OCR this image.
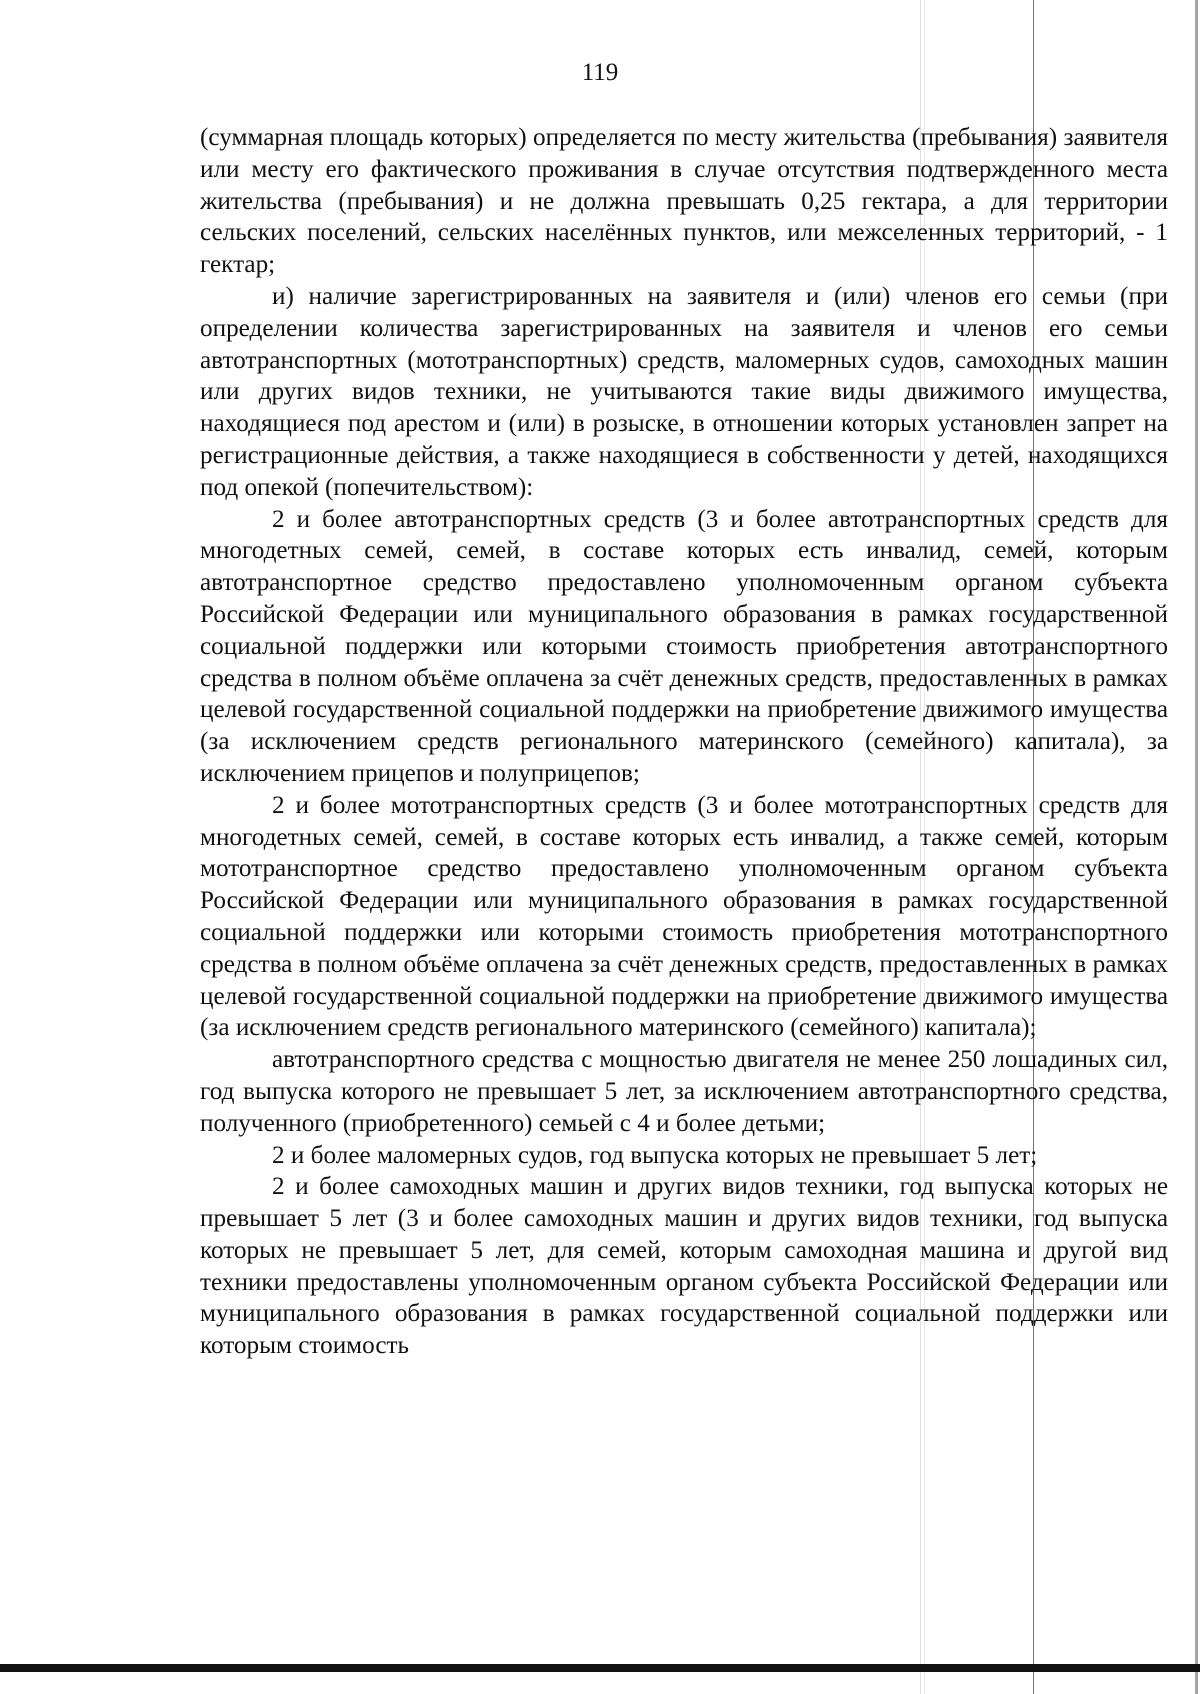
119

(суммарная площадь которых) определяется по месту жительства (пребывания) заявителя или месту его фактического проживания в случае отсутствия подтвержденного места жительства (пребывания) и не должна превышать 0,25 гектара, а для территории сельских поселений, сельских населённых пунктов, или межселенных территорий, - 1 гектар;

и) наличие зарегистрированных на заявителя и (или) членов его семьи (при определении количества зарегистрированных на заявителя и членов его семьи автотранспортных (мототранспортных) средств, маломерных судов, самоходных машин или других видов техники, не учитываются такие виды движимого имущества, находящиеся под арестом и (или) в розыске, в отношении которых установлен запрет на регистрационные действия, а также находящиеся в собственности у детей, находящихся под опекой (попечительством):

2 и более автотранспортных средств (3 и более автотранспортных средств для многодетных семей, семей, в составе которых есть инвалид, семей, которым автотранспортное средство предоставлено уполномоченным органом субъекта Российской Федерации или муниципального образования в рамках государственной социальной поддержки или которыми стоимость приобретения автотранспортного средства в полном объёме оплачена за счёт денежных средств, предоставленных в рамках целевой государственной социальной поддержки на приобретение движимого имущества (за исключением средств регионального материнского (семейного) капитала), за исключением прицепов и полуприцепов;

2 и более мототранспортных средств (3 и более мототранспортных средств для многодетных семей, семей, в составе которых есть инвалид, а также семей, которым мототранспортное средство предоставлено уполномоченным органом субъекта Российской Федерации или муниципального образования в рамках государственной социальной поддержки или которыми стоимость приобретения мототранспортного средства в полном объёме оплачена за счёт денежных средств, предоставленных в рамках целевой государственной социальной поддержки на приобретение движимого имущества (за исключением средств регионального материнского (семейного) капитала);

автотранспортного средства с мощностью двигателя не менее 250 лошадиных сил, год выпуска которого не превышает 5 лет, за исключением автотранспортного средства, полученного (приобретенного) семьей с 4 и более детьми;

2 и более маломерных судов, год выпуска которых не превышает 5 лет;

2 и более самоходных машин и других видов техники, год выпуска которых не превышает 5 лет (3 и более самоходных машин и других видов техники, год выпуска которых не превышает 5 лет, для семей, которым самоходная машина и другой вид техники предоставлены уполномоченным органом субъекта Российской Федерации или муниципального образования в рамках государственной социальной поддержки или которым стоимость
